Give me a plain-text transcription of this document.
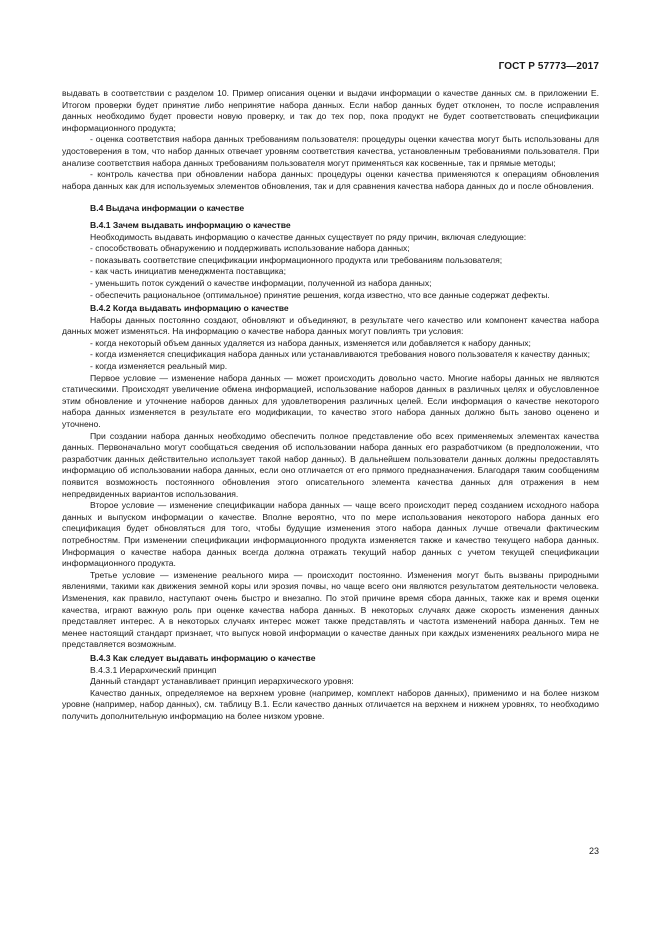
ГОСТ Р 57773—2017

выдавать в соответствии с разделом 10. Пример описания оценки и выдачи информации о качестве данных см. в приложении Е. Итогом проверки будет принятие либо непринятие набора данных. Если набор данных будет отклонен, то после исправления данных необходимо будет провести новую проверку, и так до тех пор, пока продукт не будет соответствовать спецификации информационного продукта;

- оценка соответствия набора данных требованиям пользователя: процедуры оценки качества могут быть использованы для удостоверения в том, что набор данных отвечает уровням соответствия качества, установленным требованиями пользователя. При анализе соответствия набора данных требованиям пользователя могут применяться как косвенные, так и прямые методы;

- контроль качества при обновлении набора данных: процедуры оценки качества применяются к операциям обновления набора данных как для используемых элементов обновления, так и для сравнения качества набора данных до и после обновления.

В.4 Выдача информации о качестве

В.4.1 Зачем выдавать информацию о качестве

Необходимость выдавать информацию о качестве данных существует по ряду причин, включая следующие:

- способствовать обнаружению и поддерживать использование набора данных;

- показывать соответствие спецификации информационного продукта или требованиям пользователя;

- как часть инициатив менеджмента поставщика;

- уменьшить поток суждений о качестве информации, полученной из набора данных;

- обеспечить рациональное (оптимальное) принятие решения, когда известно, что все данные содержат дефекты.

В.4.2 Когда выдавать информацию о качестве

Наборы данных постоянно создают, обновляют и объединяют, в результате чего качество или компонент качества набора данных может изменяться. На информацию о качестве набора данных могут повлиять три условия:

- когда некоторый объем данных удаляется из набора данных, изменяется или добавляется к набору данных;

- когда изменяется спецификация набора данных или устанавливаются требования нового пользователя к качеству данных;

- когда изменяется реальный мир.

Первое условие — изменение набора данных — может происходить довольно часто. Многие наборы данных не являются статическими. Происходят увеличение обмена информацией, использование наборов данных в различных целях и обусловленное этим обновление и уточнение наборов данных для удовлетворения различных целей. Если информация о качестве некоторого набора данных изменяется в результате его модификации, то качество этого набора данных должно быть заново оценено и уточнено.

При создании набора данных необходимо обеспечить полное представление обо всех применяемых элементах качества данных. Первоначально могут сообщаться сведения об использовании набора данных его разработчиком (в предположении, что разработчик данных действительно использует такой набор данных). В дальнейшем пользователи данных должны предоставлять информацию об использовании набора данных, если оно отличается от его прямого предназначения. Благодаря таким сообщениям появится возможность постоянного обновления этого описательного элемента качества данных для отражения в нем непредвиденных вариантов использования.

Второе условие — изменение спецификации набора данных — чаще всего происходит перед созданием исходного набора данных и выпуском информации о качестве. Вполне вероятно, что по мере использования некоторого набора данных его спецификация будет обновляться для того, чтобы будущие изменения этого набора данных лучше отвечали фактическим потребностям. При изменении спецификации информационного продукта изменяется также и качество текущего набора данных. Информация о качестве набора данных всегда должна отражать текущий набор данных с учетом текущей спецификации информационного продукта.

Третье условие — изменение реального мира — происходит постоянно. Изменения могут быть вызваны природными явлениями, такими как движения земной коры или эрозия почвы, но чаще всего они являются результатом деятельности человека. Изменения, как правило, наступают очень быстро и внезапно. По этой причине время сбора данных, также как и время оценки качества, играют важную роль при оценке качества набора данных. В некоторых случаях даже скорость изменения данных представляет интерес. А в некоторых случаях интерес может также представлять и частота изменений набора данных. Тем не менее настоящий стандарт признает, что выпуск новой информации о качестве данных при каждых изменениях реального мира не представляется возможным.

В.4.3 Как следует выдавать информацию о качестве

В.4.3.1 Иерархический принцип

Данный стандарт устанавливает принцип иерархического уровня:

Качество данных, определяемое на верхнем уровне (например, комплект наборов данных), применимо и на более низком уровне (например, набор данных), см. таблицу В.1. Если качество данных отличается на верхнем и нижнем уровнях, то необходимо получить дополнительную информацию на более низком уровне.

23
